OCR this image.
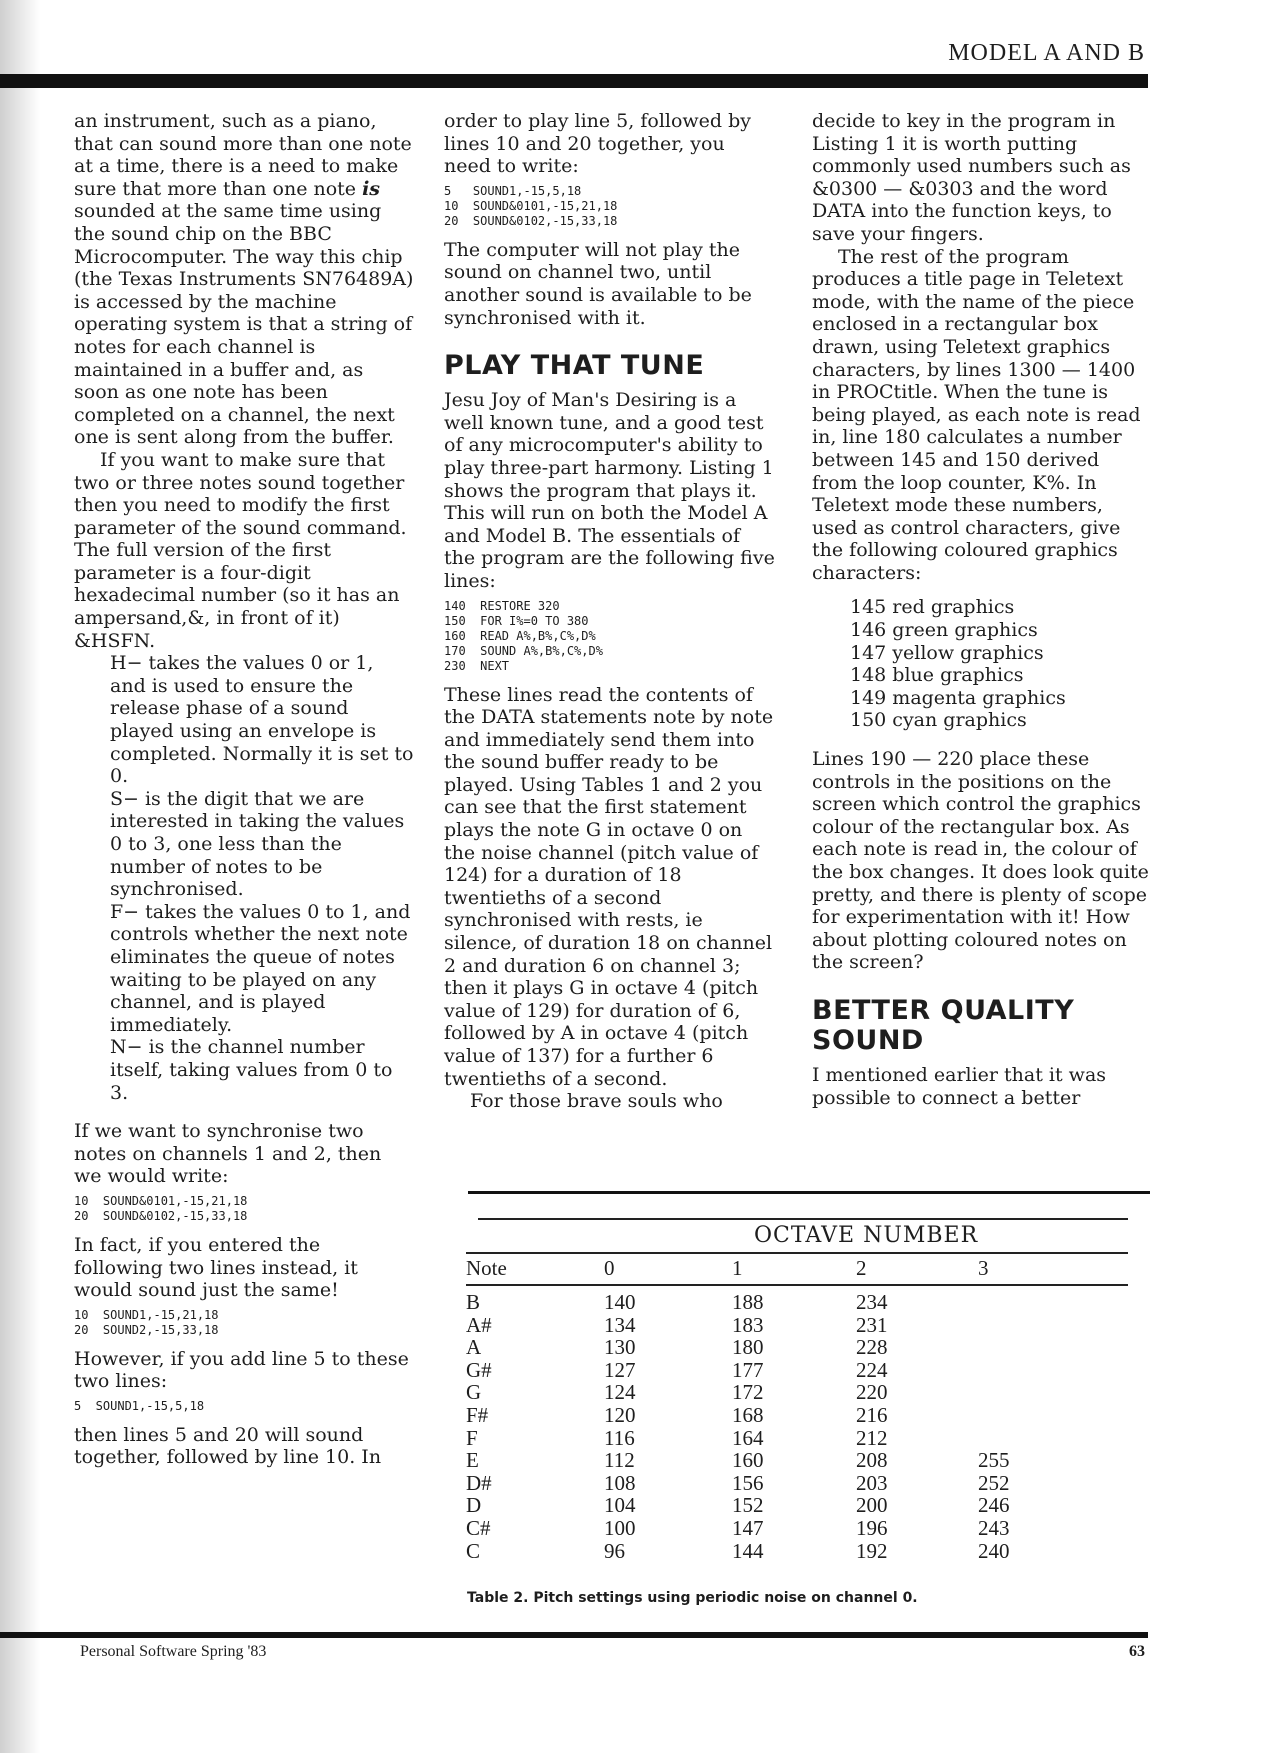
MODEL A AND B

an instrument, such as a piano, that can sound more than one note at a time, there is a need to make sure that more than one note is sounded at the same time using the sound chip on the BBC Microcomputer. The way this chip (the Texas Instruments SN76489A) is accessed by the machine operating system is that a string of notes for each channel is maintained in a buffer and, as soon as one note has been completed on a channel, the next one is sent along from the buffer.

If you want to make sure that two or three notes sound together then you need to modify the first parameter of the sound command. The full version of the first parameter is a four-digit hexadecimal number (so it has an ampersand,&, in front of it) &HSFN.

H− takes the values 0 or 1, and is used to ensure the release phase of a sound played using an envelope is completed. Normally it is set to 0.

S− is the digit that we are interested in taking the values 0 to 3, one less than the number of notes to be synchronised.

F− takes the values 0 to 1, and controls whether the next note eliminates the queue of notes waiting to be played on any channel, and is played immediately.

N− is the channel number itself, taking values from 0 to 3.

If we want to synchronise two notes on channels 1 and 2, then we would write:

10  SOUND&0101,-15,21,18
20  SOUND&0102,-15,33,18

In fact, if you entered the following two lines instead, it would sound just the same!

10  SOUND1,-15,21,18
20  SOUND2,-15,33,18

However, if you add line 5 to these two lines:

5  SOUND1,-15,5,18

then lines 5 and 20 will sound together, followed by line 10. In

order to play line 5, followed by lines 10 and 20 together, you need to write:

5   SOUND1,-15,5,18
10  SOUND&0101,-15,21,18
20  SOUND&0102,-15,33,18

The computer will not play the sound on channel two, until another sound is available to be synchronised with it.

PLAY THAT TUNE

Jesu Joy of Man's Desiring is a well known tune, and a good test of any microcomputer's ability to play three-part harmony. Listing 1 shows the program that plays it. This will run on both the Model A and Model B. The essentials of the program are the following five lines:

140  RESTORE 320
150  FOR I%=0 TO 380
160  READ A%,B%,C%,D%
170  SOUND A%,B%,C%,D%
230  NEXT

These lines read the contents of the DATA statements note by note and immediately send them into the sound buffer ready to be played. Using Tables 1 and 2 you can see that the first statement plays the note G in octave 0 on the noise channel (pitch value of 124) for a duration of 18 twentieths of a second synchronised with rests, ie silence, of duration 18 on channel 2 and duration 6 on channel 3; then it plays G in octave 4 (pitch value of 129) for duration of 6, followed by A in octave 4 (pitch value of 137) for a further 6 twentieths of a second.

For those brave souls who

decide to key in the program in Listing 1 it is worth putting commonly used numbers such as &0300 — &0303 and the word DATA into the function keys, to save your fingers.

The rest of the program produces a title page in Teletext mode, with the name of the piece enclosed in a rectangular box drawn, using Teletext graphics characters, by lines 1300 — 1400 in PROCtitle. When the tune is being played, as each note is read in, line 180 calculates a number between 145 and 150 derived from the loop counter, K%. In Teletext mode these numbers, used as control characters, give the following coloured graphics characters:

145 red graphics
146 green graphics
147 yellow graphics
148 blue graphics
149 magenta graphics
150 cyan graphics

Lines 190 — 220 place these controls in the positions on the screen which control the graphics colour of the rectangular box. As each note is read in, the colour of the box changes. It does look quite pretty, and there is plenty of scope for experimentation with it! How about plotting coloured notes on the screen?

BETTER QUALITY SOUND

I mentioned earlier that it was possible to connect a better

OCTAVE NUMBER
Note	0	1	2	3
B	140	188	234
A#	134	183	231
A	130	180	228
G#	127	177	224
G	124	172	220
F#	120	168	216
F	116	164	212
E	112	160	208	255
D#	108	156	203	252
D	104	152	200	246
C#	100	147	196	243
C	96	144	192	240
Table 2. Pitch settings using periodic noise on channel 0.
Personal Software Spring '83	63
